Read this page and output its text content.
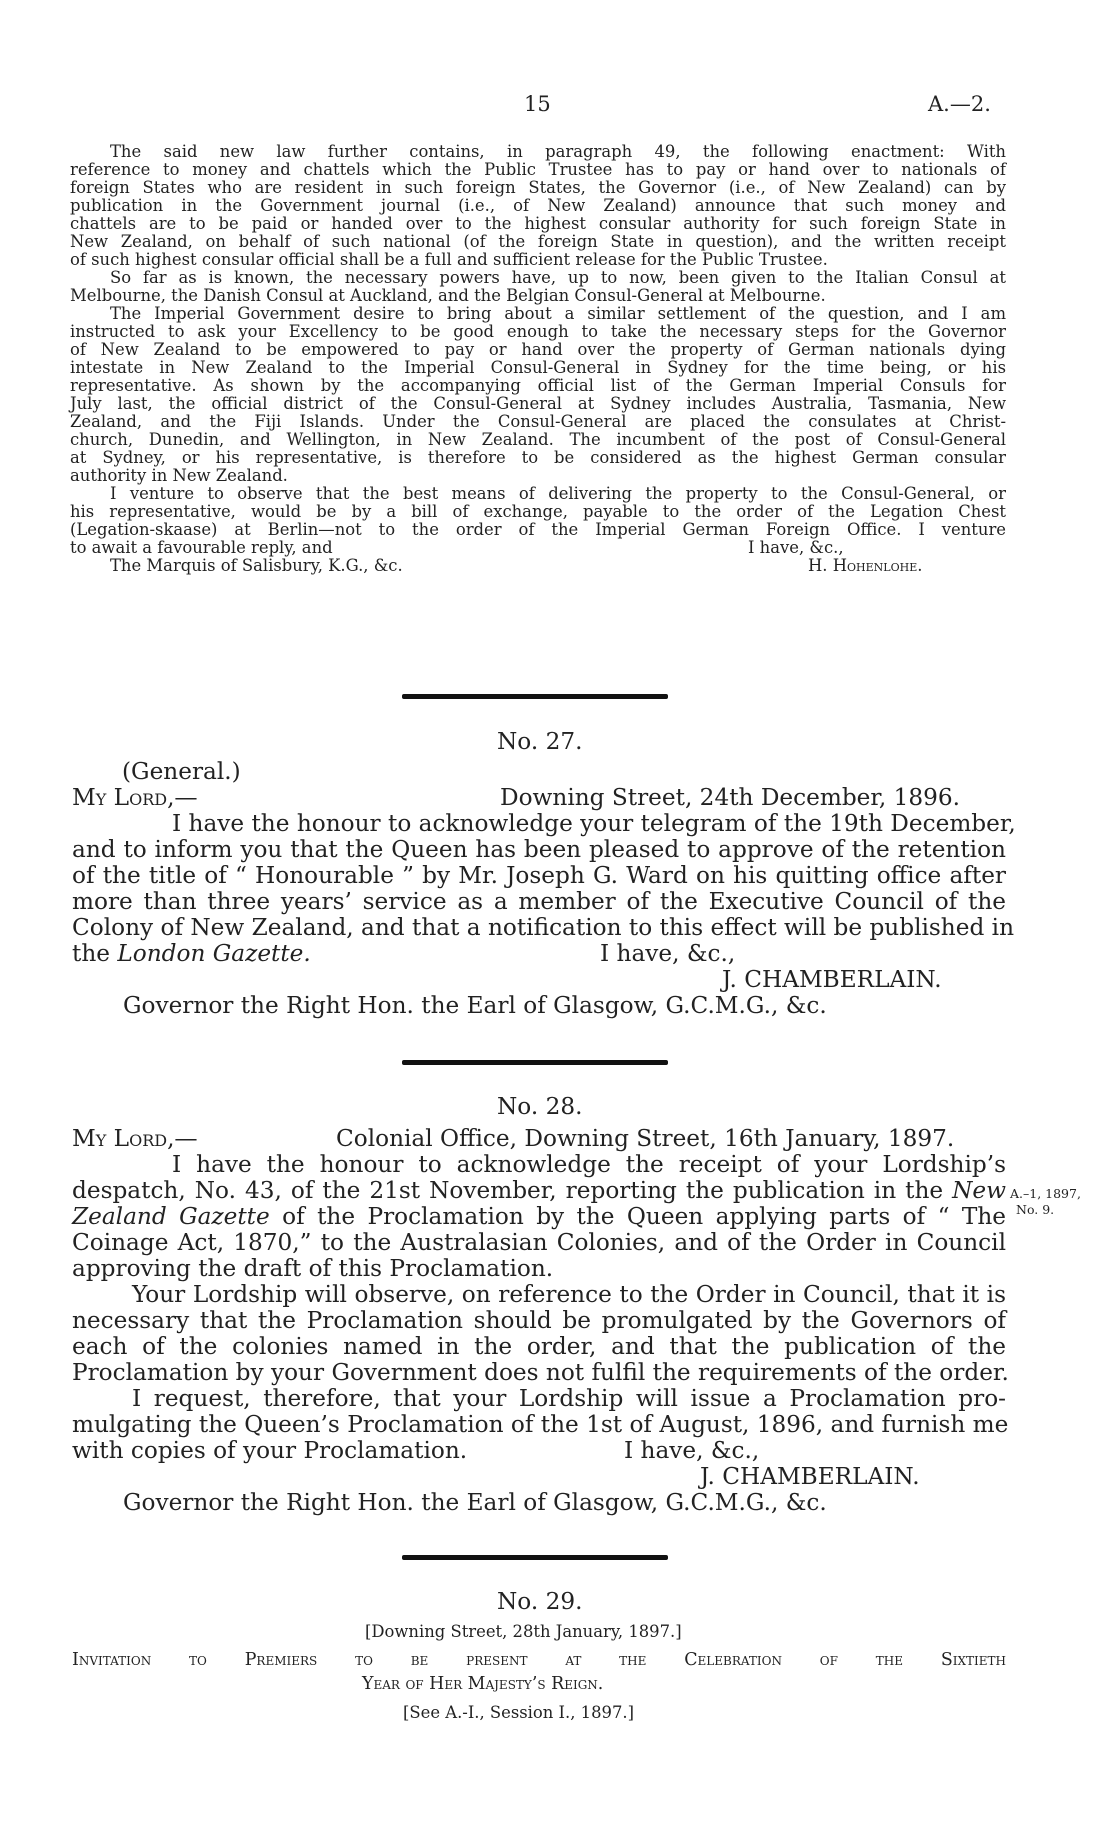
15	A.—2.
The said new law further contains, in paragraph 49, the following enactment: With
reference to money and chattels which the Public Trustee has to pay or hand over to nationals of
foreign States who are resident in such foreign States, the Governor (i.e., of New Zealand) can by
publication in the Government journal (i.e., of New Zealand) announce that such money and
chattels are to be paid or handed over to the highest consular authority for such foreign State in
New Zealand, on behalf of such national (of the foreign State in question), and the written receipt
of such highest consular official shall be a full and sufficient release for the Public Trustee.
So far as is known, the necessary powers have, up to now, been given to the Italian Consul at
Melbourne, the Danish Consul at Auckland, and the Belgian Consul-General at Melbourne.
The Imperial Government desire to bring about a similar settlement of the question, and I am
instructed to ask your Excellency to be good enough to take the necessary steps for the Governor
of New Zealand to be empowered to pay or hand over the property of German nationals dying
intestate in New Zealand to the Imperial Consul-General in Sydney for the time being, or his
representative. As shown by the accompanying official list of the German Imperial Consuls for
July last, the official district of the Consul-General at Sydney includes Australia, Tasmania, New
Zealand, and the Fiji Islands. Under the Consul-General are placed the consulates at Christ-
church, Dunedin, and Wellington, in New Zealand. The incumbent of the post of Consul-General
at Sydney, or his representative, is therefore to be considered as the highest German consular
authority in New Zealand.
I venture to observe that the best means of delivering the property to the Consul-General, or
his representative, would be by a bill of exchange, payable to the order of the Legation Chest
(Legation-skaase) at Berlin—not to the order of the Imperial German Foreign Office. I venture
to await a favourable reply, and	I have, &c.,
The Marquis of Salisbury, K.G., &c.	H. Hohenlohe.
No. 27.
(General.)
My Lord,—	Downing Street, 24th December, 1896.
I have the honour to acknowledge your telegram of the 19th December,
and to inform you that the Queen has been pleased to approve of the retention
of the title of “ Honourable ” by Mr. Joseph G. Ward on his quitting office after
more than three years’ service as a member of the Executive Council of the
Colony of New Zealand, and that a notification to this effect will be published in
the London Gazette.	I have, &c.,
J. CHAMBERLAIN.
Governor the Right Hon. the Earl of Glasgow, G.C.M.G., &c.
No. 28.
My Lord,—	Colonial Office, Downing Street, 16th January, 1897.
I have the honour to acknowledge the receipt of your Lordship’s
despatch, No. 43, of the 21st November, reporting the publication in the New
Zealand Gazette of the Proclamation by the Queen applying parts of “ The
Coinage Act, 1870,” to the Australasian Colonies, and of the Order in Council
approving the draft of this Proclamation.
Your Lordship will observe, on reference to the Order in Council, that it is
necessary that the Proclamation should be promulgated by the Governors of
each of the colonies named in the order, and that the publication of the
Proclamation by your Government does not fulfil the requirements of the order.
I request, therefore, that your Lordship will issue a Proclamation pro-
mulgating the Queen’s Proclamation of the 1st of August, 1896, and furnish me
with copies of your Proclamation.	I have, &c.,
J. CHAMBERLAIN.
Governor the Right Hon. the Earl of Glasgow, G.C.M.G., &c.
A.–1, 1897,
No. 9.
No. 29.
[Downing Street, 28th January, 1897.]
Invitation to Premiers to be present at the Celebration of the Sixtieth
Year of Her Majesty’s Reign.
[See A.-I., Session I., 1897.]
